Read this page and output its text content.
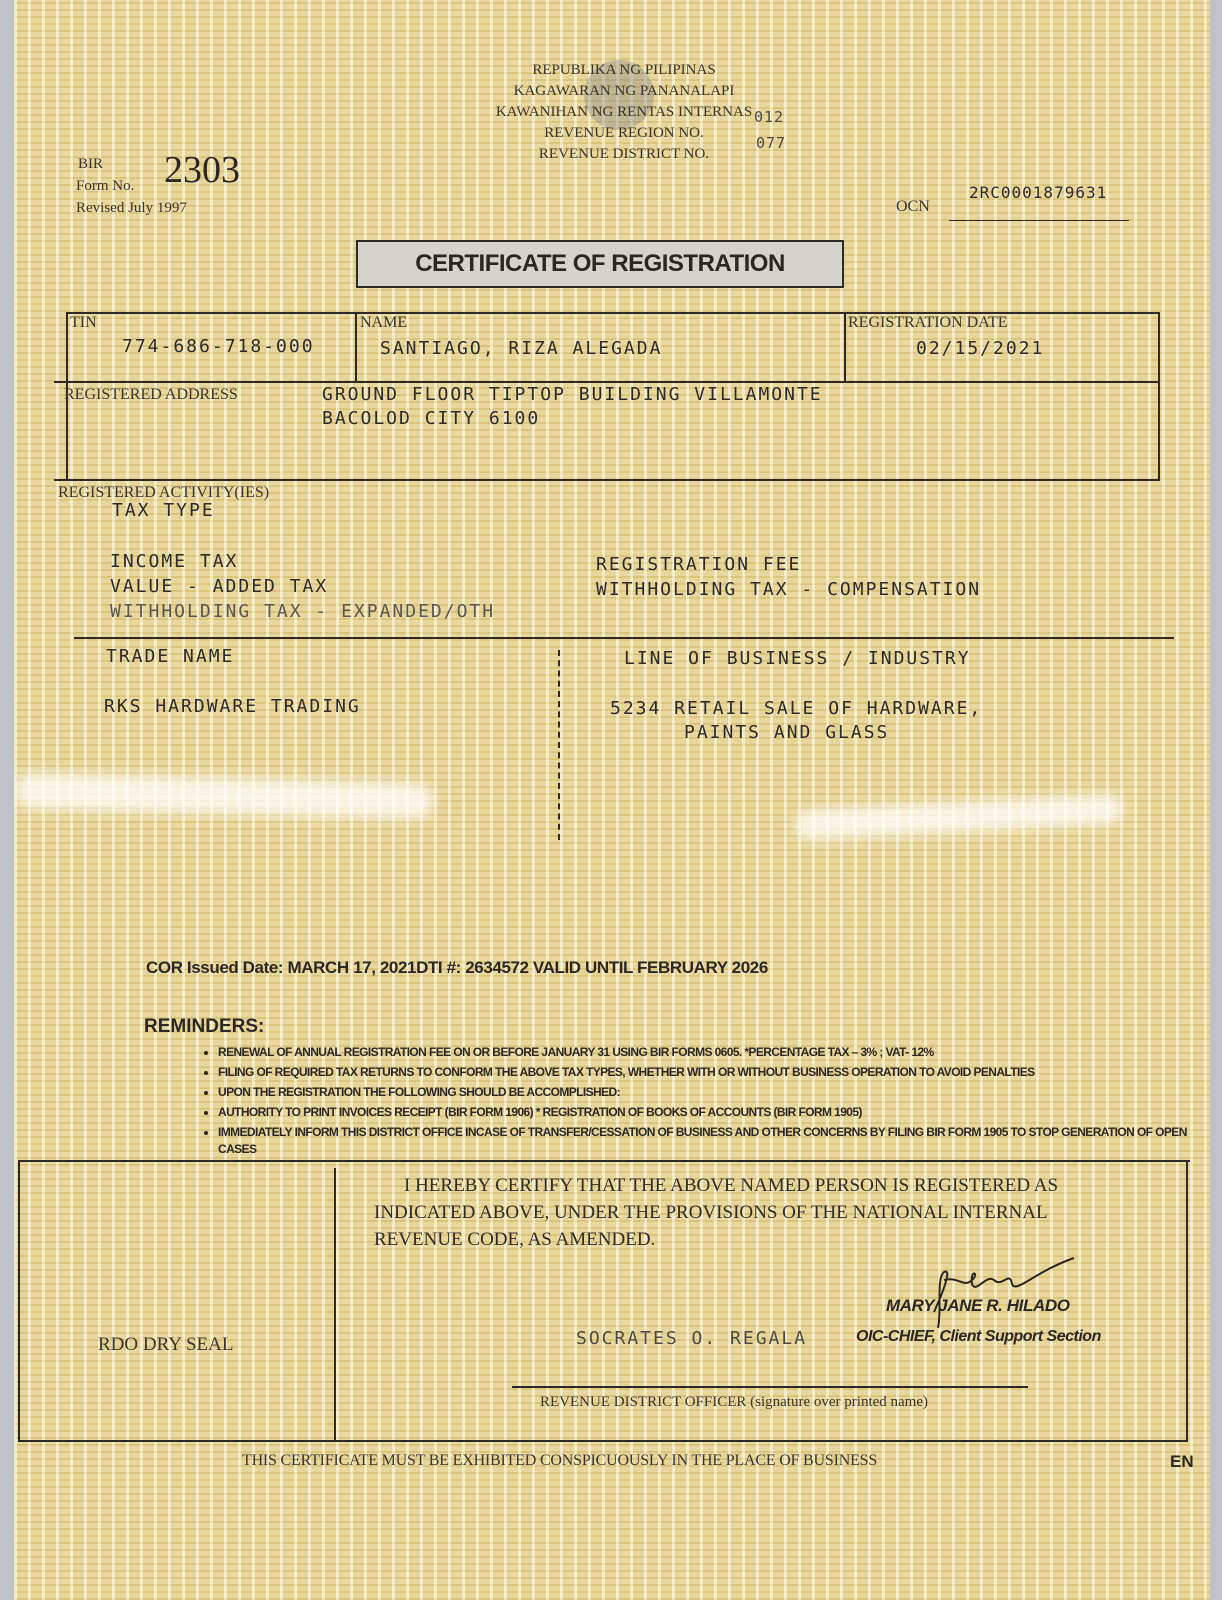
REPUBLIKA NG PILIPINAS
KAGAWARAN NG PANANALAPI
KAWANIHAN NG RENTAS INTERNAS
REVENUE REGION NO.
REVENUE DISTRICT NO.
012
077
BIR
Form No. 2303
Revised July 1997	OCN
2RC0001879631
CERTIFICATE OF REGISTRATION
TIN
774-686-718-000
NAME
SANTIAGO, RIZA ALEGADA
REGISTRATION DATE
02/15/2021
REGISTERED ADDRESS	GROUND FLOOR TIPTOP BUILDING VILLAMONTE
BACOLOD CITY 6100
REGISTERED ACTIVITY(IES)
TAX TYPE
INCOME TAX
VALUE - ADDED TAX
WITHHOLDING TAX - EXPANDED/OTH
REGISTRATION FEE
WITHHOLDING TAX - COMPENSATION
TRADE NAME
RKS HARDWARE TRADING
LINE OF BUSINESS / INDUSTRY
5234 RETAIL SALE OF HARDWARE,
PAINTS AND GLASS
COR Issued Date: MARCH 17, 2021DTI #: 2634572 VALID UNTIL FEBRUARY 2026
REMINDERS:
• RENEWAL OF ANNUAL REGISTRATION FEE ON OR BEFORE JANUARY 31 USING BIR FORMS 0605. *PERCENTAGE TAX – 3% ; VAT- 12%
• FILING OF REQUIRED TAX RETURNS TO CONFORM THE ABOVE TAX TYPES, WHETHER WITH OR WITHOUT BUSINESS OPERATION TO AVOID PENALTIES
• UPON THE REGISTRATION THE FOLLOWING SHOULD BE ACCOMPLISHED:
• AUTHORITY TO PRINT INVOICES RECEIPT (BIR FORM 1906) * REGISTRATION OF BOOKS OF ACCOUNTS (BIR FORM 1905)
• IMMEDIATELY INFORM THIS DISTRICT OFFICE INCASE OF TRANSFER/CESSATION OF BUSINESS AND OTHER CONCERNS BY FILING BIR FORM 1905 TO STOP GENERATION OF OPEN CASES
I HEREBY CERTIFY THAT THE ABOVE NAMED PERSON IS REGISTERED AS
INDICATED ABOVE, UNDER THE PROVISIONS OF THE NATIONAL INTERNAL
REVENUE CODE, AS AMENDED.
RDO DRY SEAL
MARY JANE R. HILADO
SOCRATES O. REGALA	OIC-CHIEF, Client Support Section
REVENUE DISTRICT OFFICER (signature over printed name)
THIS CERTIFICATE MUST BE EXHIBITED CONSPICUOUSLY IN THE PLACE OF BUSINESS	EN
